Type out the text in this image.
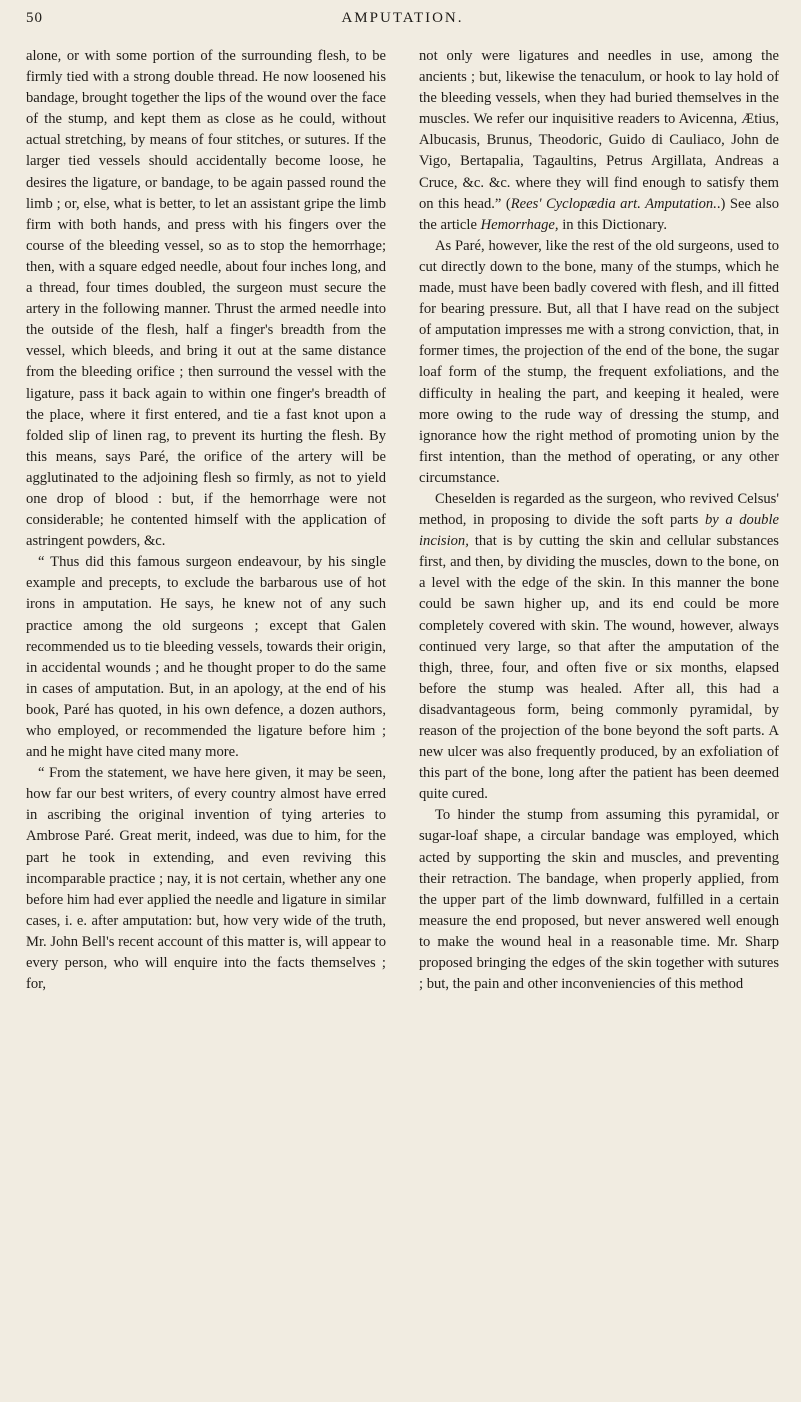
50	AMPUTATION.

alone, or with some portion of the surrounding flesh, to be firmly tied with a strong double thread. He now loosened his bandage, brought together the lips of the wound over the face of the stump, and kept them as close as he could, without actual stretching, by means of four stitches, or sutures. If the larger tied vessels should accidentally become loose, he desires the ligature, or bandage, to be again passed round the limb ; or, else, what is better, to let an assistant gripe the limb firm with both hands, and press with his fingers over the course of the bleeding vessel, so as to stop the hemorrhage; then, with a square edged needle, about four inches long, and a thread, four times doubled, the surgeon must secure the artery in the following manner. Thrust the armed needle into the outside of the flesh, half a finger's breadth from the vessel, which bleeds, and bring it out at the same distance from the bleeding orifice ; then surround the vessel with the ligature, pass it back again to within one finger's breadth of the place, where it first entered, and tie a fast knot upon a folded slip of linen rag, to prevent its hurting the flesh. By this means, says Paré, the orifice of the artery will be agglutinated to the adjoining flesh so firmly, as not to yield one drop of blood : but, if the hemorrhage were not considerable; he contented himself with the application of astringent powders, &c.

“ Thus did this famous surgeon endeavour, by his single example and precepts, to exclude the barbarous use of hot irons in amputation. He says, he knew not of any such practice among the old surgeons ; except that Galen recommended us to tie bleeding vessels, towards their origin, in accidental wounds ; and he thought proper to do the same in cases of amputation. But, in an apology, at the end of his book, Paré has quoted, in his own defence, a dozen authors, who employed, or recommended the ligature before him ; and he might have cited many more.

“ From the statement, we have here given, it may be seen, how far our best writers, of every country almost have erred in ascribing the original invention of tying arteries to Ambrose Paré. Great merit, indeed, was due to him, for the part he took in extending, and even reviving this incomparable practice ; nay, it is not certain, whether any one before him had ever applied the needle and ligature in similar cases, i. e. after amputation: but, how very wide of the truth, Mr. John Bell's recent account of this matter is, will appear to every person, who will enquire into the facts themselves ; for,

not only were ligatures and needles in use, among the ancients ; but, likewise the tenaculum, or hook to lay hold of the bleeding vessels, when they had buried themselves in the muscles. We refer our inquisitive readers to Avicenna, Ætius, Albucasis, Brunus, Theodoric, Guido di Cauliaco, John de Vigo, Bertapalia, Tagaultins, Petrus Argillata, Andreas a Cruce, &c. &c. where they will find enough to satisfy them on this head.” (Rees' Cyclopædia art. Amputation..) See also the article Hemorrhage, in this Dictionary.

As Paré, however, like the rest of the old surgeons, used to cut directly down to the bone, many of the stumps, which he made, must have been badly covered with flesh, and ill fitted for bearing pressure. But, all that I have read on the subject of amputation impresses me with a strong conviction, that, in former times, the projection of the end of the bone, the sugar loaf form of the stump, the frequent exfoliations, and the difficulty in healing the part, and keeping it healed, were more owing to the rude way of dressing the stump, and ignorance how the right method of promoting union by the first intention, than the method of operating, or any other circumstance.

Cheselden is regarded as the surgeon, who revived Celsus' method, in proposing to divide the soft parts by a double incision, that is by cutting the skin and cellular substances first, and then, by dividing the muscles, down to the bone, on a level with the edge of the skin. In this manner the bone could be sawn higher up, and its end could be more completely covered with skin. The wound, however, always continued very large, so that after the amputation of the thigh, three, four, and often five or six months, elapsed before the stump was healed. After all, this had a disadvantageous form, being commonly pyramidal, by reason of the projection of the bone beyond the soft parts. A new ulcer was also frequently produced, by an exfoliation of this part of the bone, long after the patient has been deemed quite cured.

To hinder the stump from assuming this pyramidal, or sugar-loaf shape, a circular bandage was employed, which acted by supporting the skin and muscles, and preventing their retraction. The bandage, when properly applied, from the upper part of the limb downward, fulfilled in a certain measure the end proposed, but never answered well enough to make the wound heal in a reasonable time. Mr. Sharp proposed bringing the edges of the skin together with sutures ; but, the pain and other inconveniencies of this method
